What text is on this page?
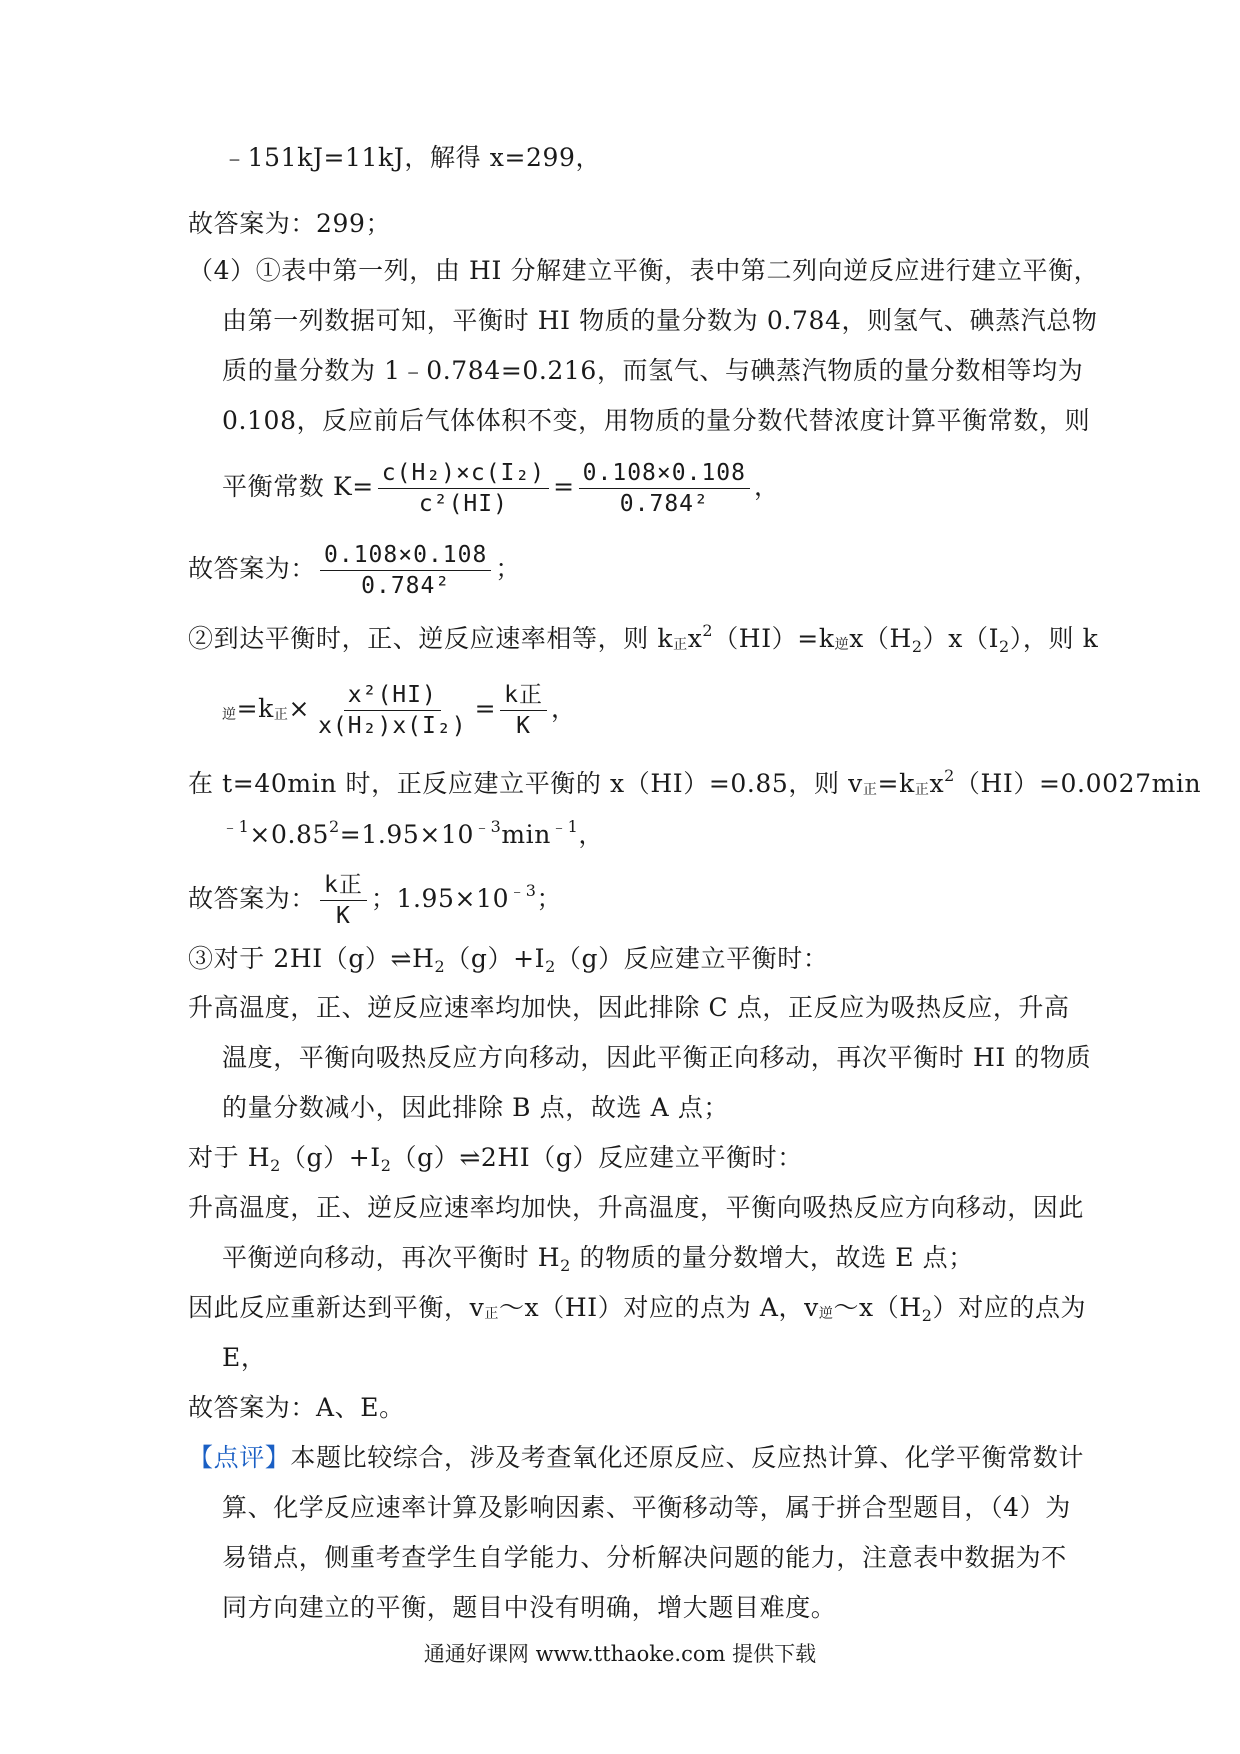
﹣151kJ=11kJ，解得 x=299，
故答案为：299；
（4）①表中第一列，由 HI 分解建立平衡，表中第二列向逆反应进行建立平衡，
由第一列数据可知，平衡时 HI 物质的量分数为 0.784，则氢气、碘蒸汽总物
质的量分数为 1﹣0.784=0.216，而氢气、与碘蒸汽物质的量分数相等均为
0.108，反应前后气体体积不变，用物质的量分数代替浓度计算平衡常数，则
平衡常数 $K= \frac{\text{c(H₂)×c(I₂)}}{\text{c²(HI)}} = \frac{0.108\times 0.108}{\text{0.784²}}$ ，
故答案为： $\frac{0.108\times 0.108}{\text{0.784²}}$ ；
②到达平衡时，正、逆反应速率相等，则 k正$x^2(HI)=k$逆$x(H_2)x(I_2)$，则 k
逆=k正× $\frac{\text{x²(HI)}}{\text{x(H₂)x(I₂)}} = \frac{\text{k正}}{K}$ ，
在 t=40min 时，正反应建立平衡的 x（HI）=0.85，则 v正=k正$x^2(HI)=0.0027\min$
$^{﹣1}\times 0.85^2=1.95\times 10^{﹣3}\min^{﹣1}$，
故答案为： $\frac{\text{k正}}{K}$ ；$1.95\times 10^{﹣3}$；
③对于 $2HI(g)\rightleftharpoons H_2(g)+I_2(g)$反应建立平衡时：
升高温度，正、逆反应速率均加快，因此排除 C 点，正反应为吸热反应，升高
温度，平衡向吸热反应方向移动，因此平衡正向移动，再次平衡时 HI 的物质
的量分数减小，因此排除 B 点，故选 A 点；
对于 $H_2(g)+I_2(g)\rightleftharpoons 2HI(g)$反应建立平衡时：
升高温度，正、逆反应速率均加快，升高温度，平衡向吸热反应方向移动，因此
平衡逆向移动，再次平衡时 $H_2$ 的物质的量分数增大，故选 E 点；
因此反应重新达到平衡，v正～x（HI）对应的点为 A，v逆$\sim x(H_2)$对应的点为
E，
故答案为：A、E。
【点评】本题比较综合，涉及考查氧化还原反应、反应热计算、化学平衡常数计
算、化学反应速率计算及影响因素、平衡移动等，属于拼合型题目，（4）为
易错点，侧重考查学生自学能力、分析解决问题的能力，注意表中数据为不
同方向建立的平衡，题目中没有明确，增大题目难度。
通通好课网 www.tthaoke.com 提供下载
